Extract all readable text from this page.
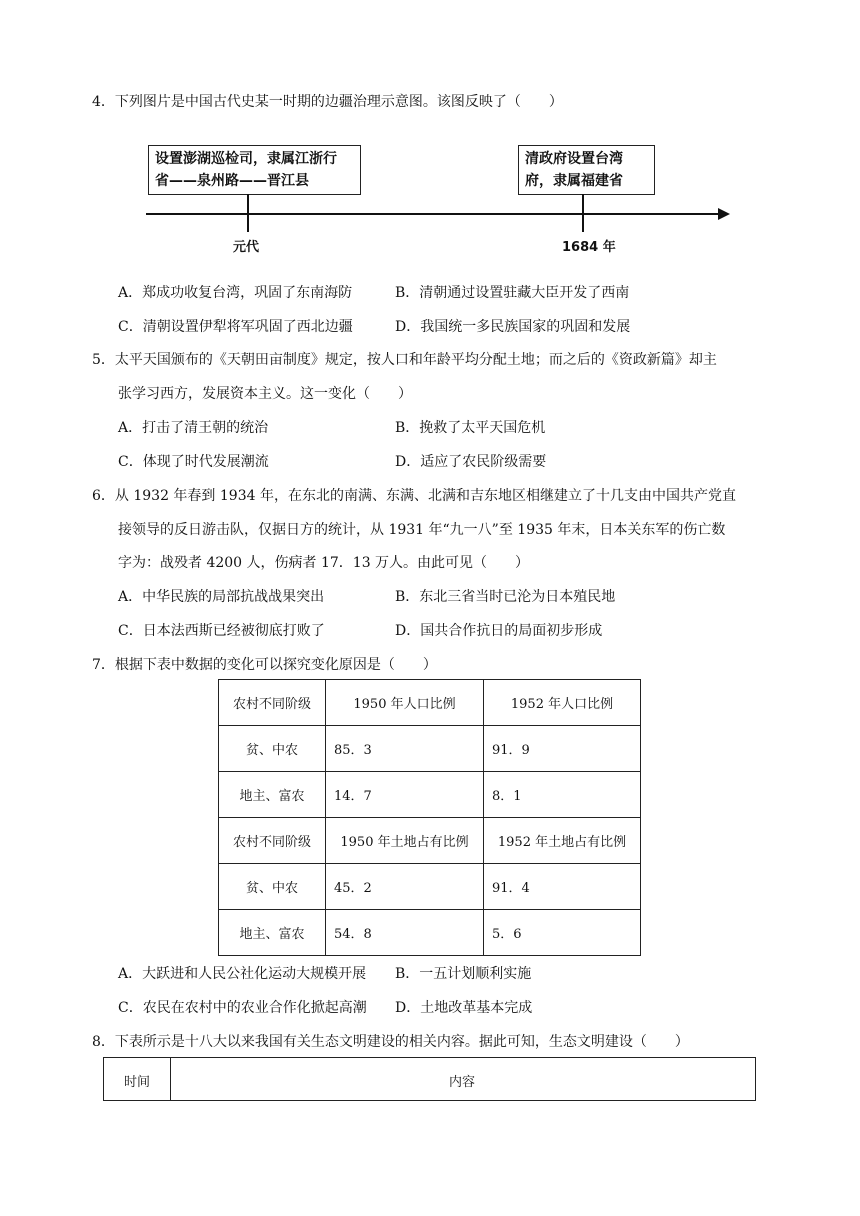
4．下列图片是中国古代史某一时期的边疆治理示意图。该图反映了（　　）
设置澎湖巡检司，隶属江浙行
省——泉州路——晋江县
清政府设置台湾
府，隶属福建省
元代	1684 年
A．郑成功收复台湾，巩固了东南海防	B．清朝通过设置驻藏大臣开发了西南
C．清朝设置伊犁将军巩固了西北边疆	D．我国统一多民族国家的巩固和发展
5．太平天国颁布的《天朝田亩制度》规定，按人口和年龄平均分配土地；而之后的《资政新篇》却主
张学习西方，发展资本主义。这一变化（　　）
A．打击了清王朝的统治	B．挽救了太平天国危机
C．体现了时代发展潮流	D．适应了农民阶级需要
6．从 1932 年春到 1934 年，在东北的南满、东满、北满和吉东地区相继建立了十几支由中国共产党直
接领导的反日游击队，仅据日方的统计，从 1931 年“九一八”至 1935 年末，日本关东军的伤亡数
字为：战殁者 4200 人，伤病者 17．13 万人。由此可见（　　）
A．中华民族的局部抗战战果突出	B．东北三省当时已沦为日本殖民地
C．日本法西斯已经被彻底打败了	D．国共合作抗日的局面初步形成
7．根据下表中数据的变化可以探究变化原因是（　　）
农村不同阶级	1950 年人口比例	1952 年人口比例
贫、中农	85．3	91．9
地主、富农	14．7	8．1
农村不同阶级	1950 年土地占有比例	1952 年土地占有比例
贫、中农	45．2	91．4
地主、富农	54．8	5．6
A．大跃进和人民公社化运动大规模开展 B．一五计划顺利实施
C．农民在农村中的农业合作化掀起高潮 D．土地改革基本完成
8．下表所示是十八大以来我国有关生态文明建设的相关内容。据此可知，生态文明建设（　　）
时间	内容
